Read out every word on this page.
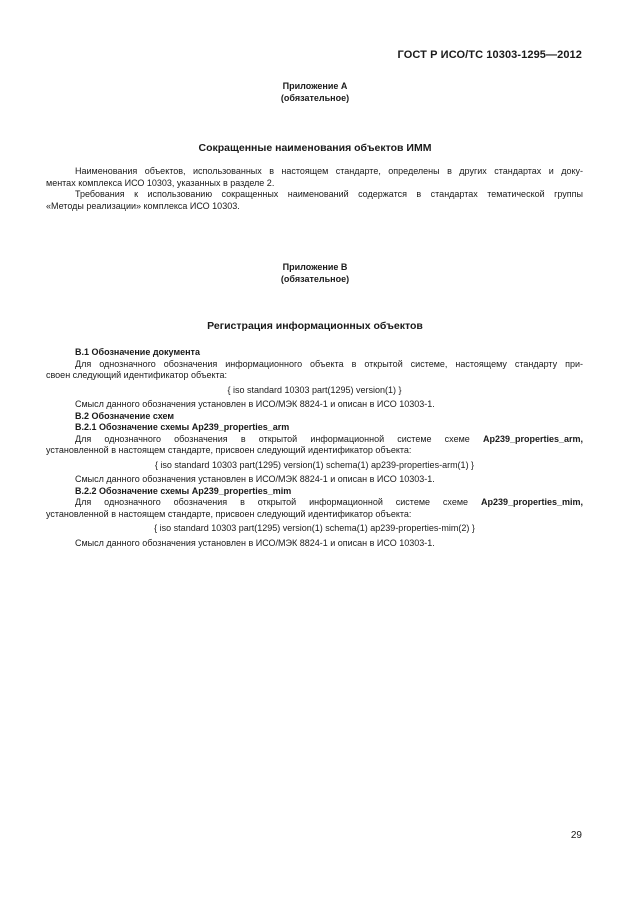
ГОСТ Р ИСО/ТС 10303-1295—2012
Приложение А
(обязательное)
Сокращенные наименования объектов ИММ
Наименования объектов, использованных в настоящем стандарте, определены в других стандартах и доку-
ментах комплекса ИСО 10303, указанных в разделе 2.
Требования к использованию сокращенных наименований содержатся в стандартах тематической группы
«Методы реализации» комплекса ИСО 10303.
Приложение В
(обязательное)
Регистрация информационных объектов
В.1 Обозначение документа
Для однозначного обозначения информационного объекта в открытой системе, настоящему стандарту при-
своен следующий идентификатор объекта:
{ iso standard 10303 part(1295) version(1) }
Смысл данного обозначения установлен в ИСО/МЭК 8824-1 и описан в ИСО 10303-1.
В.2 Обозначение схем
В.2.1 Обозначение схемы Ap239_properties_arm
Для однозначного обозначения в открытой информационной системе схеме Ap239_properties_arm,
установленной в настоящем стандарте, присвоен следующий идентификатор объекта:
{ iso standard 10303 part(1295) version(1) schema(1) ap239-properties-arm(1) }
Смысл данного обозначения установлен в ИСО/МЭК 8824-1 и описан в ИСО 10303-1.
В.2.2 Обозначение схемы Ap239_properties_mim
Для однозначного обозначения в открытой информационной системе схеме Ap239_properties_mim,
установленной в настоящем стандарте, присвоен следующий идентификатор объекта:
{ iso standard 10303 part(1295) version(1) schema(1) ap239-properties-mim(2) }
Смысл данного обозначения установлен в ИСО/МЭК 8824-1 и описан в ИСО 10303-1.
29
